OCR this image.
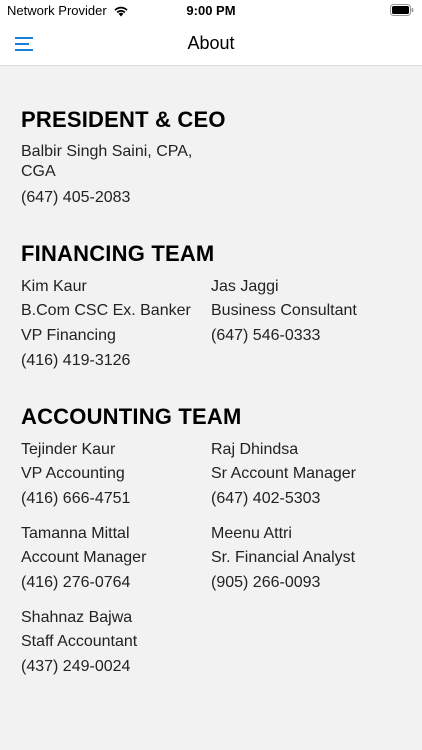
Network Provider	9:00 PM
About
PRESIDENT & CEO
Balbir Singh Saini, CPA,
CGA
(647) 405-2083
FINANCING TEAM
Kim Kaur
B.Com CSC Ex. Banker
VP Financing
(416) 419-3126
Jas Jaggi
Business Consultant
(647) 546-0333
ACCOUNTING TEAM
Tejinder Kaur
VP Accounting
(416) 666-4751
Raj Dhindsa
Sr Account Manager
(647) 402-5303
Tamanna Mittal
Account Manager
(416) 276-0764
Meenu Attri
Sr. Financial Analyst
(905) 266-0093
Shahnaz Bajwa
Staff Accountant
(437) 249-0024
